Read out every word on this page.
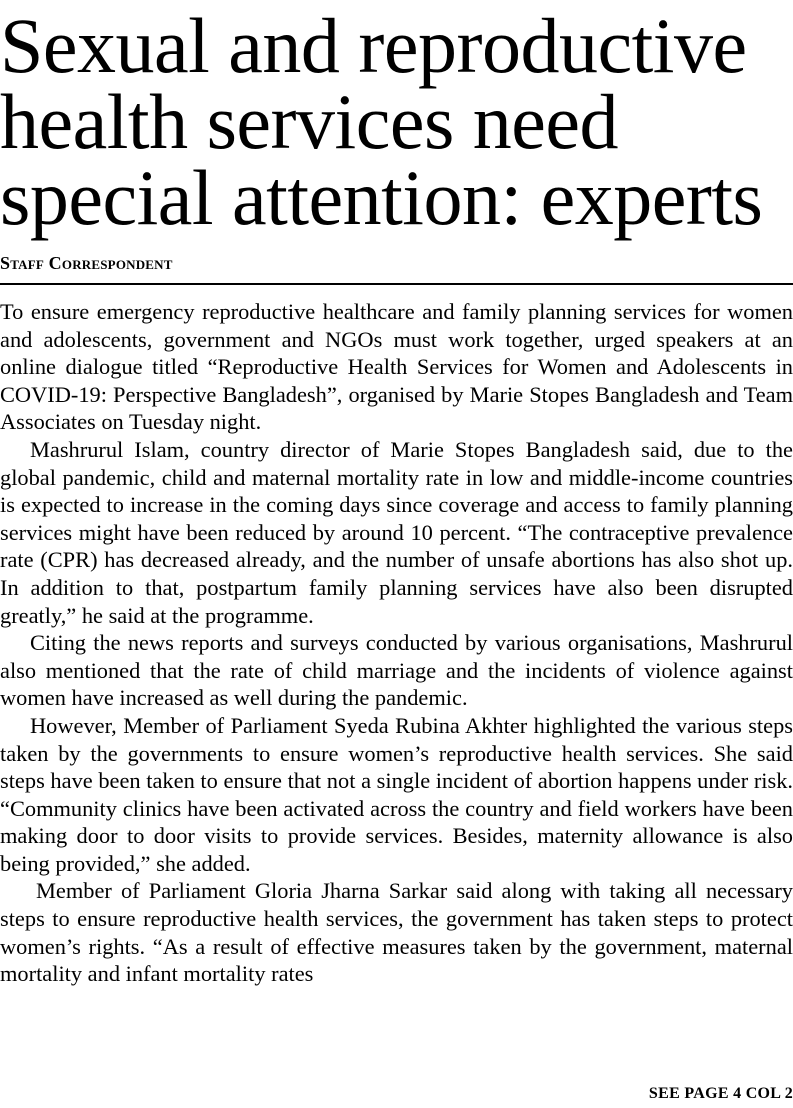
Sexual and reproductive health services need special attention: experts
Staff Correspondent

To ensure emergency reproductive healthcare and family planning services for women and adolescents, government and NGOs must work together, urged speakers at an online dialogue titled “Reproductive Health Services for Women and Adolescents in COVID-19: Perspective Bangladesh”, organised by Marie Stopes Bangladesh and Team Associates on Tuesday night.

Mashrurul Islam, country director of Marie Stopes Bangladesh said, due to the global pandemic, child and maternal mortality rate in low and middle-income countries is expected to increase in the coming days since coverage and access to family planning services might have been reduced by around 10 percent. “The contraceptive prevalence rate (CPR) has decreased already, and the number of unsafe abortions has also shot up. In addition to that, postpartum family planning services have also been disrupted greatly,” he said at the programme.

Citing the news reports and surveys conducted by various organisations, Mashrurul also mentioned that the rate of child marriage and the incidents of violence against women have increased as well during the pandemic.

However, Member of Parliament Syeda Rubina Akhter highlighted the various steps taken by the governments to ensure women’s reproductive health services. She said steps have been taken to ensure that not a single incident of abortion happens under risk. “Community clinics have been activated across the country and field workers have been making door to door visits to provide services. Besides, maternity allowance is also being provided,” she added.

Member of Parliament Gloria Jharna Sarkar said along with taking all necessary steps to ensure reproductive health services, the government has taken steps to protect women’s rights. “As a result of effective measures taken by the government, maternal mortality and infant mortality rates

SEE PAGE 4 COL 2
